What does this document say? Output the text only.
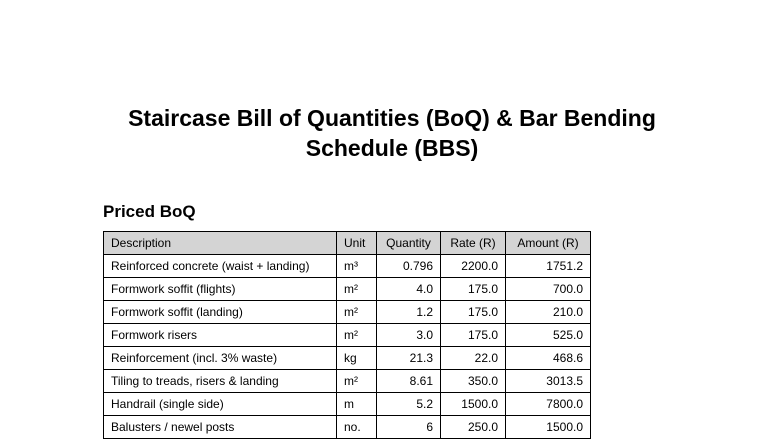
Staircase Bill of Quantities (BoQ) & Bar Bending
Schedule (BBS)
Priced BoQ
Description	Unit	Quantity	Rate (R)	Amount (R)
Reinforced concrete (waist + landing)	m³	0.796	2200.0	1751.2
Formwork soffit (flights)	m²	4.0	175.0	700.0
Formwork soffit (landing)	m²	1.2	175.0	210.0
Formwork risers	m²	3.0	175.0	525.0
Reinforcement (incl. 3% waste)	kg	21.3	22.0	468.6
Tiling to treads, risers & landing	m²	8.61	350.0	3013.5
Handrail (single side)	m	5.2	1500.0	7800.0
Balusters / newel posts	no.	6	250.0	1500.0
